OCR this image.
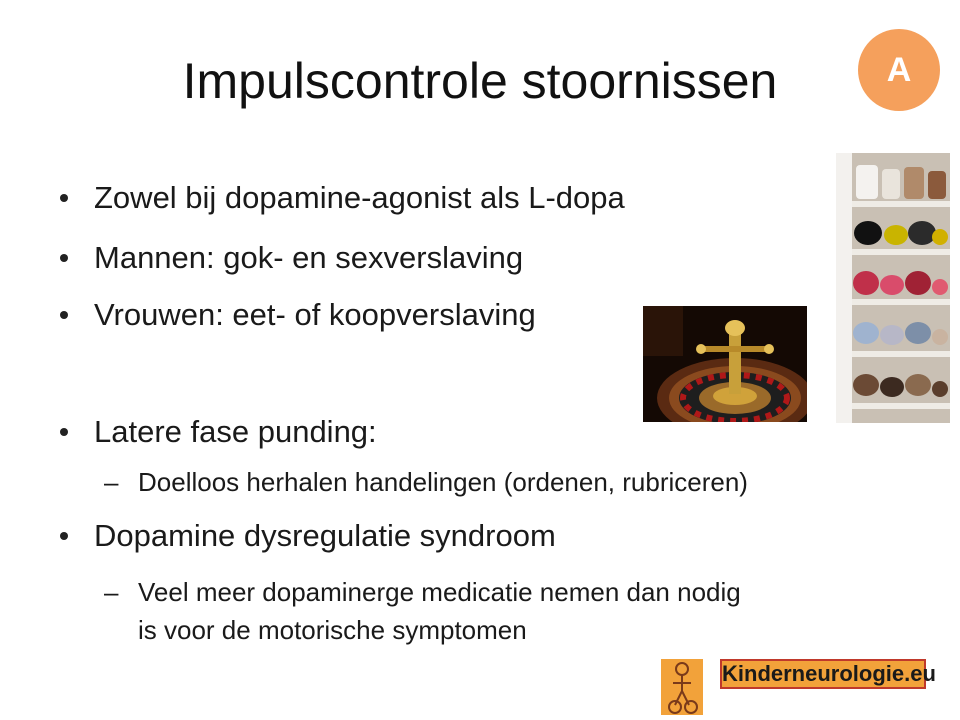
Impulscontrole stoornissen	A
Zowel bij dopamine-agonist als L-dopa
Mannen: gok- en sexverslaving
Vrouwen: eet- of koopverslaving
Latere fase punding:
– Doelloos herhalen handelingen (ordenen, rubriceren)
Dopamine dysregulatie syndroom
– Veel meer dopaminerge medicatie nemen dan nodig
is voor de motorische symptomen
Kinderneurologie.eu
